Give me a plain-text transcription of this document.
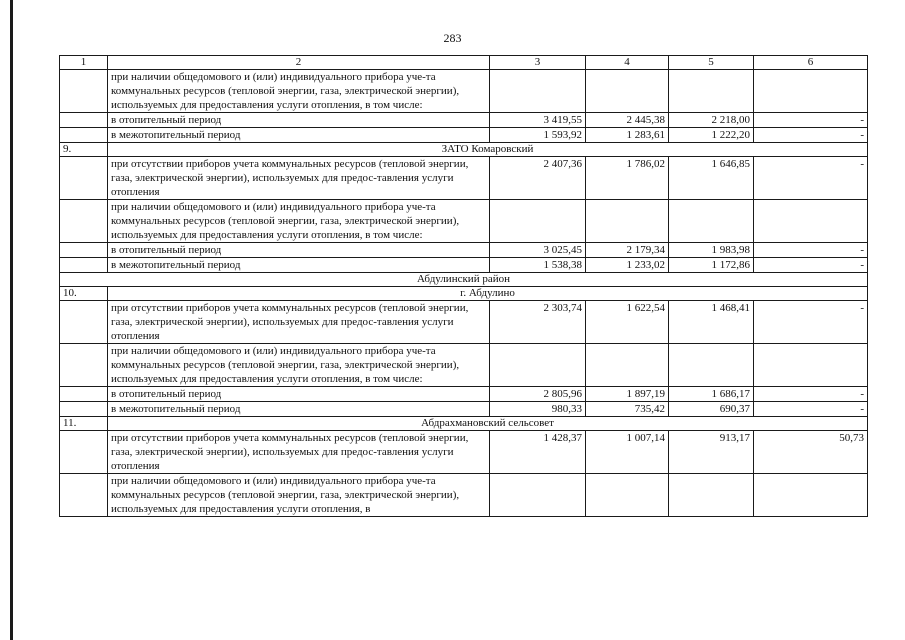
283
1	2	3	4	5	6
	при наличии общедомового и (или) индивидуального прибора уче-та коммунальных ресурсов (тепловой энергии, газа, электрической энергии), используемых для предоставления услуги отопления, в том числе:				
	в отопительный период	3 419,55	2 445,38	2 218,00	-
	в межотопительный период	1 593,92	1 283,61	1 222,20	-
9.	ЗАТО Комаровский				
	при отсутствии приборов учета коммунальных ресурсов (тепловой энергии, газа, электрической энергии), используемых для предос-тавления услуги отопления	2 407,36	1 786,02	1 646,85	-
	при наличии общедомового и (или) индивидуального прибора уче-та коммунальных ресурсов (тепловой энергии, газа, электрической энергии), используемых для предоставления услуги отопления, в том числе:				
	в отопительный период	3 025,45	2 179,34	1 983,98	-
	в межотопительный период	1 538,38	1 233,02	1 172,86	-
Абдулинский район					
10.	г. Абдулино				
	при отсутствии приборов учета коммунальных ресурсов (тепловой энергии, газа, электрической энергии), используемых для предос-тавления услуги отопления	2 303,74	1 622,54	1 468,41	-
	при наличии общедомового и (или) индивидуального прибора уче-та коммунальных ресурсов (тепловой энергии, газа, электрической энергии), используемых для предоставления услуги отопления, в том числе:				
	в отопительный период	2 805,96	1 897,19	1 686,17	-
	в межотопительный период	980,33	735,42	690,37	-
11.	Абдрахмановский сельсовет				
	при отсутствии приборов учета коммунальных ресурсов (тепловой энергии, газа, электрической энергии), используемых для предос-тавления услуги отопления	1 428,37	1 007,14	913,17	50,73
	при наличии общедомового и (или) индивидуального прибора уче-та коммунальных ресурсов (тепловой энергии, газа, электрической энергии), используемых для предоставления услуги отопления, в				
